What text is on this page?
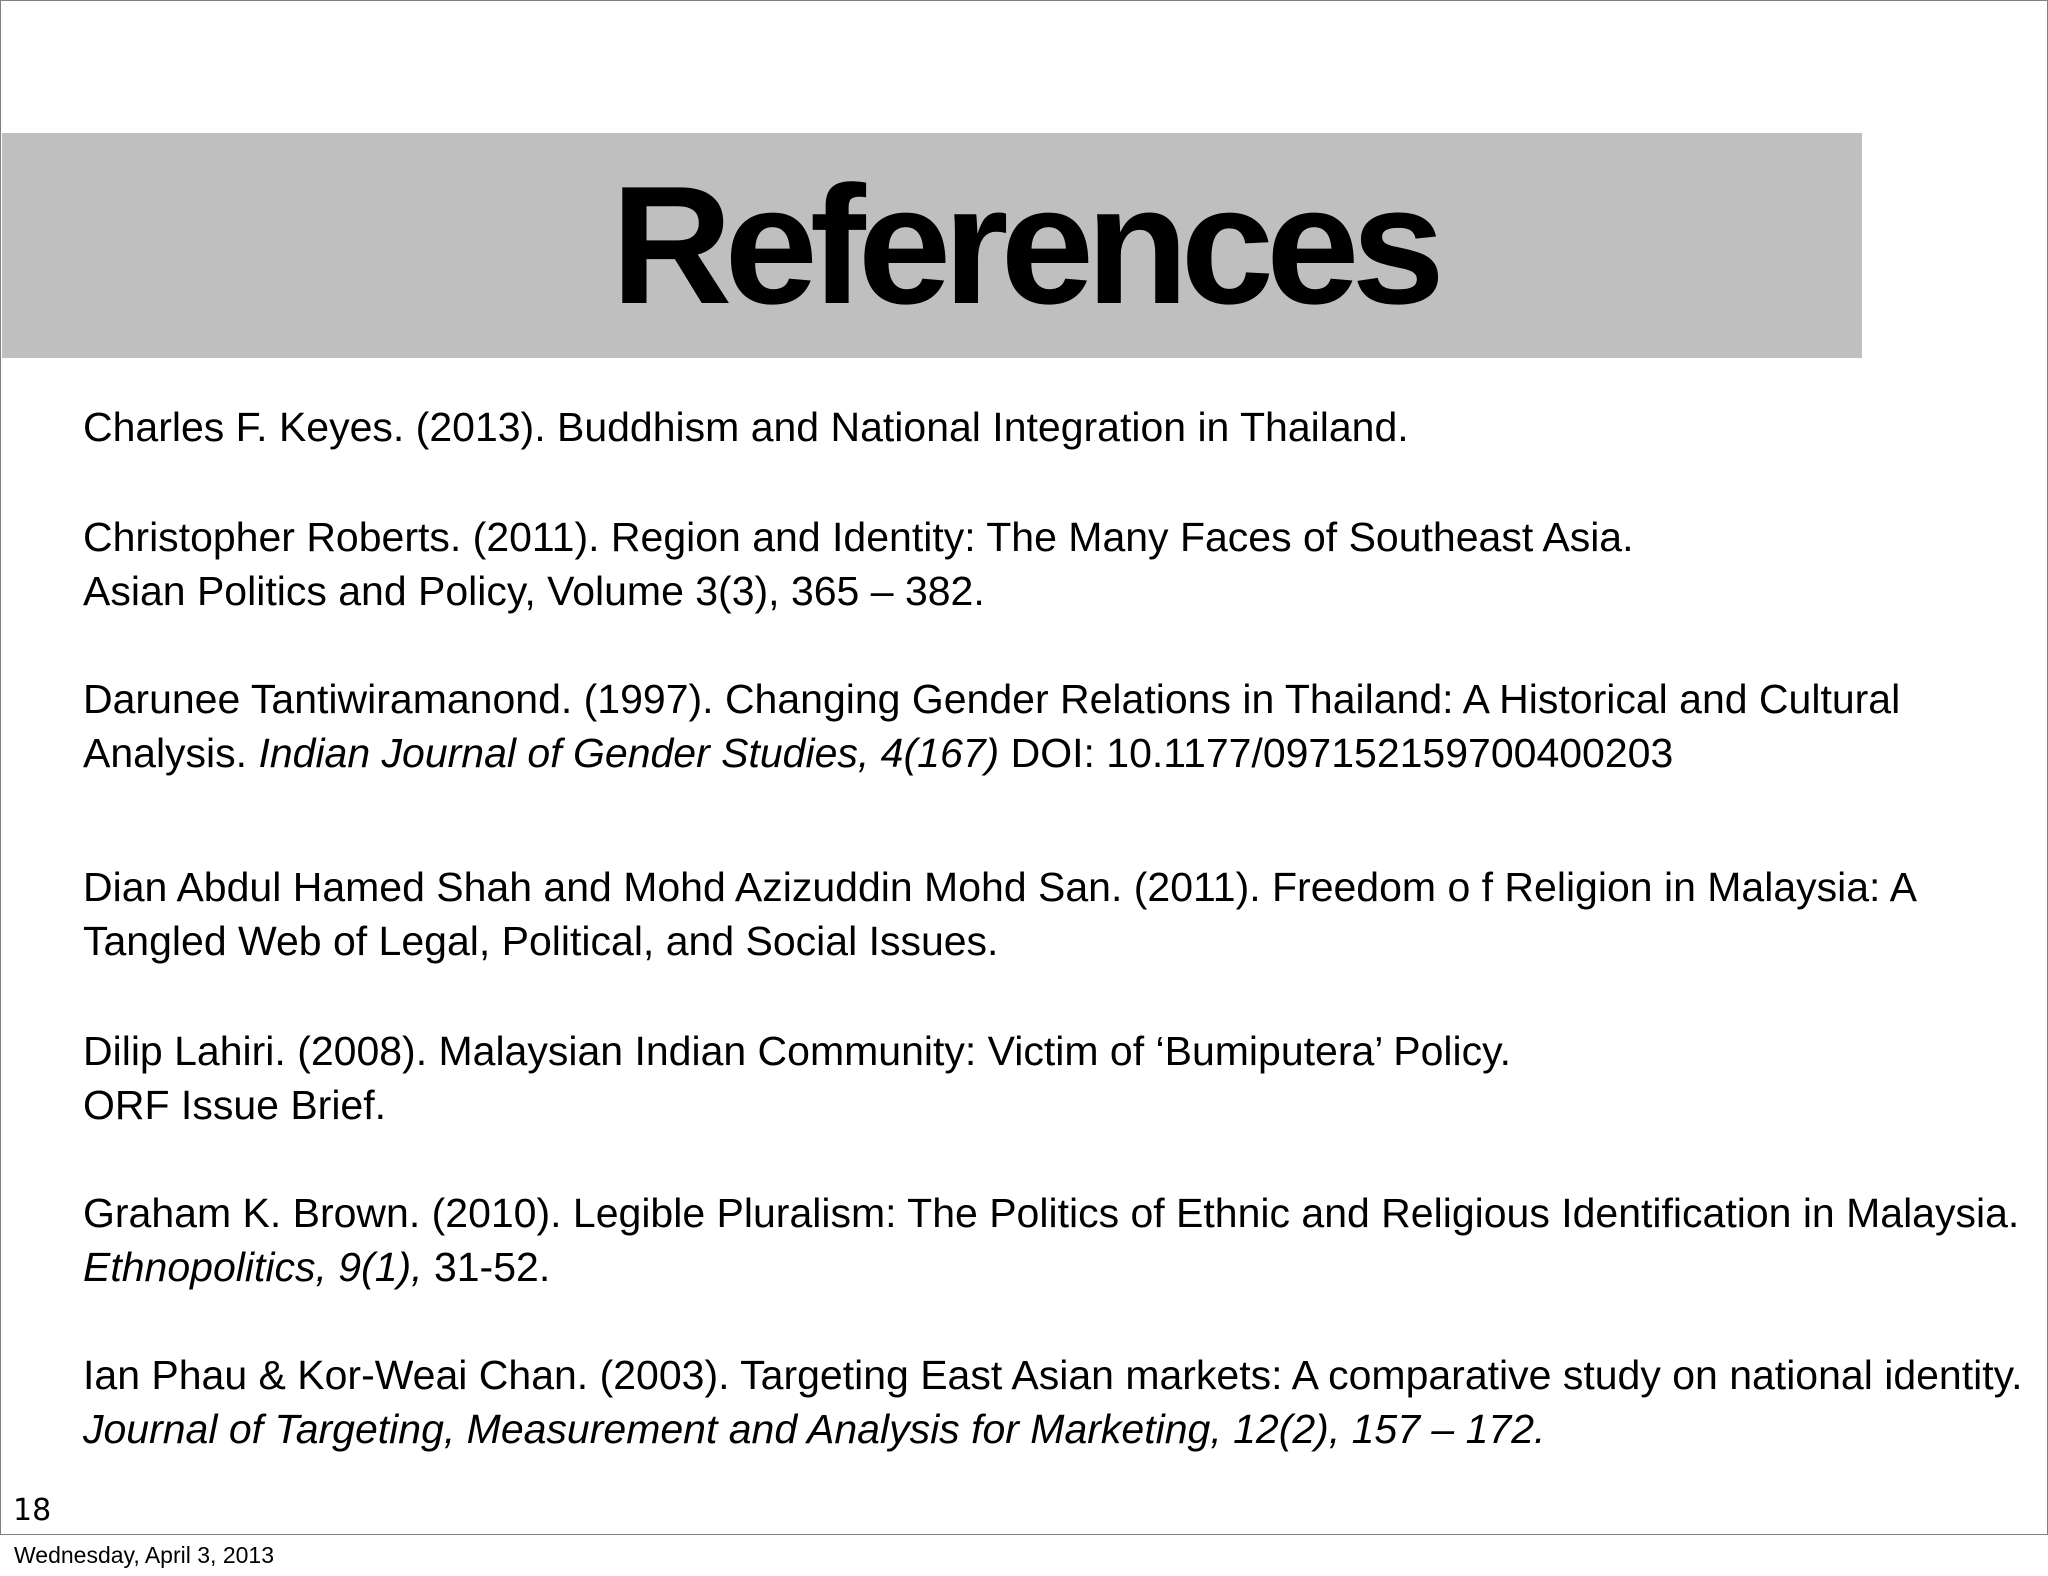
References
Charles F. Keyes. (2013). Buddhism and National Integration in Thailand.
Christopher Roberts. (2011). Region and Identity: The Many Faces of Southeast Asia.
Asian Politics and Policy, Volume 3(3), 365 – 382.
Darunee Tantiwiramanond. (1997). Changing Gender Relations in Thailand: A Historical and Cultural Analysis. Indian Journal of Gender Studies, 4(167) DOI: 10.1177/097152159700400203
Dian Abdul Hamed Shah and Mohd Azizuddin Mohd San. (2011). Freedom o f Religion in Malaysia: A Tangled Web of Legal, Political, and Social Issues.
Dilip Lahiri. (2008). Malaysian Indian Community: Victim of ‘Bumiputera’ Policy.
ORF Issue Brief.
Graham K. Brown. (2010). Legible Pluralism: The Politics of Ethnic and Religious Identification in Malaysia. Ethnopolitics, 9(1), 31-52.
Ian Phau & Kor-Weai Chan. (2003). Targeting East Asian markets: A comparative study on national identity. Journal of Targeting, Measurement and Analysis for Marketing, 12(2), 157 – 172.
18
Wednesday, April 3, 2013
